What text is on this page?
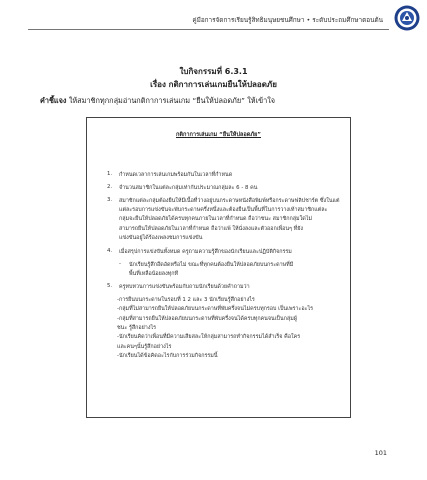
คู่มือการจัดการเรียนรู้สิทธิมนุษยชนศึกษา • ระดับประถมศึกษาตอนต้น
ใบกิจกรรมที่ 6.3.1
เรื่อง กติกาการเล่นเกมยืนให้ปลอดภัย
คำชี้แจง ให้สมาชิกทุกกลุ่มอ่านกติกาการเล่นเกม “ยืนให้ปลอดภัย” ให้เข้าใจ
กติกาการเล่นเกม “ยืนให้ปลอดภัย”
1. กำหนดเวลาการเล่นเกมพร้อมกันในเวลาที่กำหนด
2. จำนวนสมาชิกในแต่ละกลุ่มเท่ากันประมาณกลุ่มละ 6 - 8 คน
3. สมาชิกแต่ละกลุ่มต้องยืนให้มีเนื้อที่ว่างอยู่บนกระดาษหนังสือพิมพ์หรือกระดาษฟลิปชาร์ต ซึ่งในแต่
แต่ละรอบการแข่งขันจะพับกระดาษครึ่งหนึ่งและต้องยืนเป็นพื้นที่ในการวางเท้าสมาชิกแต่ละ
กลุ่มจะยืนให้ปลอดภัยได้ครบทุกคนภายในเวลาที่กำหนด ถือว่าชนะ สมาชิกกลุ่มใดไม่
สามารถยืนให้ปลอดภัยในเวลาที่กำหนด ถือว่าแพ้ ให้นั่งลงและตัวออกเพื่อนๆ ที่ยัง
แข่งขันอยู่ได้ร้องเพลงชมการแข่งขัน
4. เมื่อสรุปการแข่งขันทั้งหมด ครูถามความรู้สึกของนักเรียนและปฏิบัติกิจกรรม
- นักเรียนรู้สึกอึดอัดหรือไม่ ขณะที่ทุกคนต้องยืนให้ปลอดภัยบนกระดาษที่มี
พื้นที่เหลือน้อยลงทุกที
5. ครูทบทวนการแข่งขันพร้อมกับถามนักเรียนด้วยคำถามว่า
-การยืนบนกระดาษในรอบที่ 1 2 และ 3 นักเรียนรู้สึกอย่างไร
-กลุ่มที่ไม่สามารถยืนให้ปลอดภัยบนกระดาษที่พับครึ่งจนไม่ครบทุกรอบ เป็นเพราะอะไร
-กลุ่มที่สามารถยืนให้ปลอดภัยบนกระดาษที่พับครึ่งจนได้ครบทุกคนจนเป็นกลุ่มผู้
ชนะ รู้สึกอย่างไร
-นักเรียนคิดว่าเพื่อนที่มีความเสียสละให้กลุ่มสามารถทำกิจกรรมได้สำเร็จ คือใคร
และคนๆนั้นรู้สึกอย่างไร
-นักเรียนได้ข้อคิดอะไรกับการร่วมกิจกรรมนี้
101
